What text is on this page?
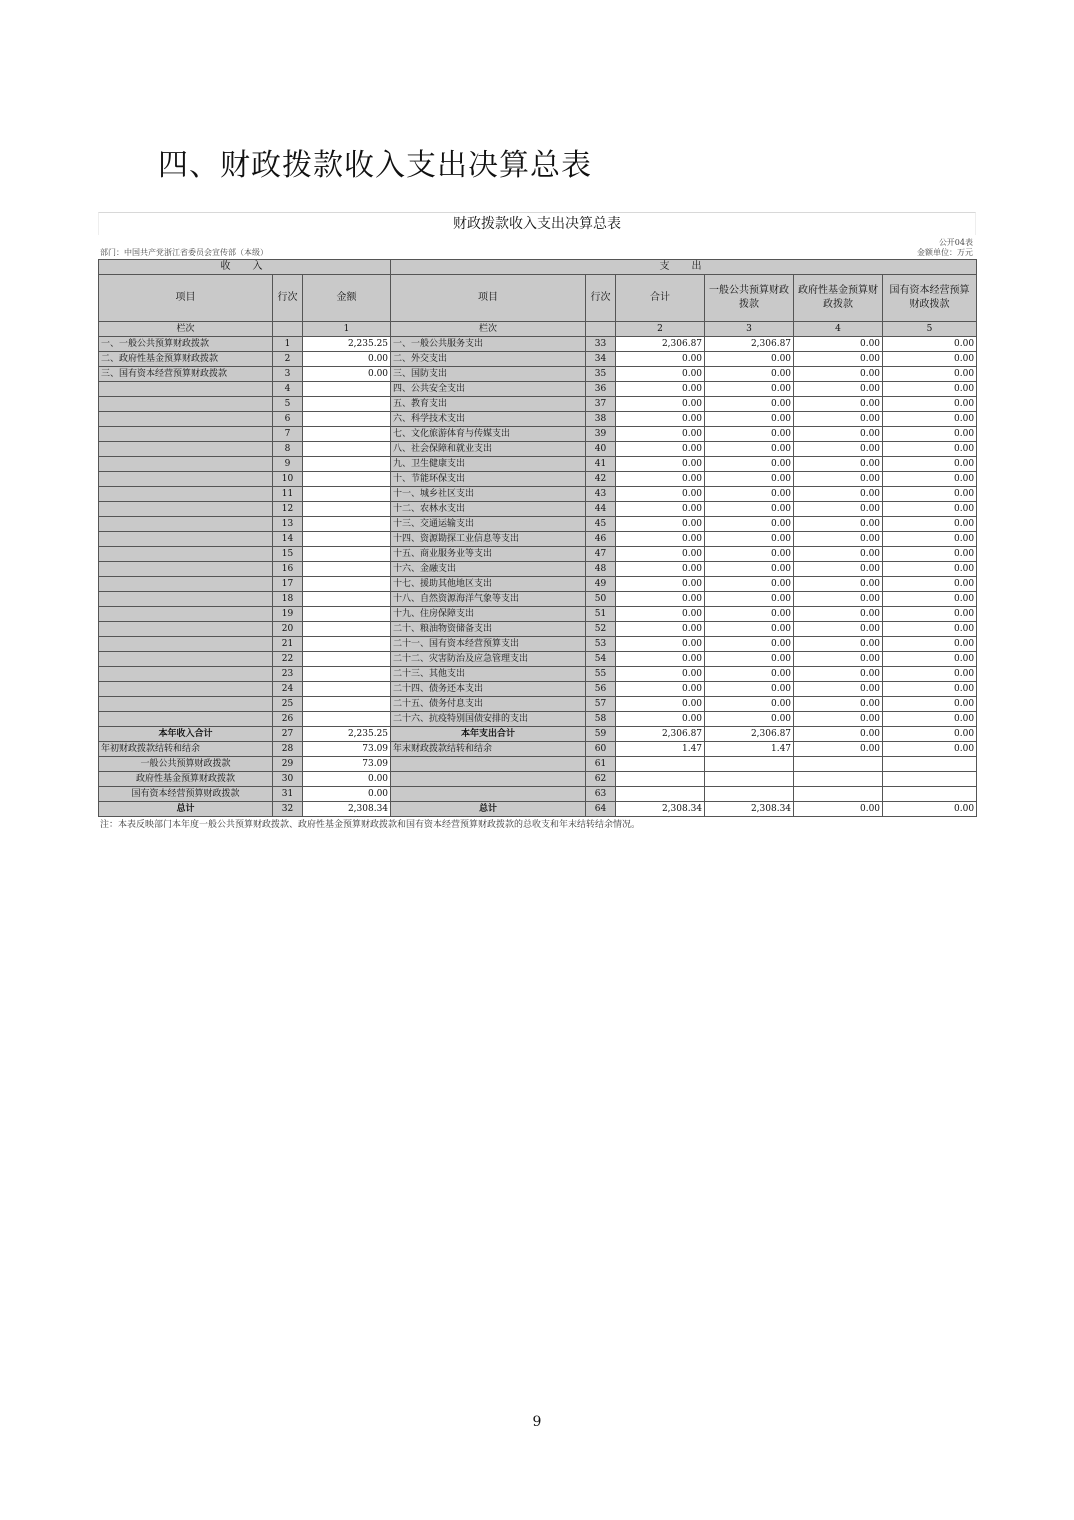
四、财政拨款收入支出决算总表
财政拨款收入支出决算总表
公开04表
部门：中国共产党浙江省委员会宣传部（本级）	金额单位：万元
收　入			支　出					
项目	行次	金额	项目	行次	合计	一般公共预算财政拨款	政府性基金预算财政拨款	国有资本经营预算财政拨款
栏次		1	栏次		2	3	4	5
一、一般公共预算财政拨款	1	2,235.25	一、一般公共服务支出	33	2,306.87	2,306.87	0.00	0.00
二、政府性基金预算财政拨款	2	0.00	二、外交支出	34	0.00	0.00	0.00	0.00
三、国有资本经营预算财政拨款	3	0.00	三、国防支出	35	0.00	0.00	0.00	0.00
	4		四、公共安全支出	36	0.00	0.00	0.00	0.00
	5		五、教育支出	37	0.00	0.00	0.00	0.00
	6		六、科学技术支出	38	0.00	0.00	0.00	0.00
	7		七、文化旅游体育与传媒支出	39	0.00	0.00	0.00	0.00
	8		八、社会保障和就业支出	40	0.00	0.00	0.00	0.00
	9		九、卫生健康支出	41	0.00	0.00	0.00	0.00
	10		十、节能环保支出	42	0.00	0.00	0.00	0.00
	11		十一、城乡社区支出	43	0.00	0.00	0.00	0.00
	12		十二、农林水支出	44	0.00	0.00	0.00	0.00
	13		十三、交通运输支出	45	0.00	0.00	0.00	0.00
	14		十四、资源勘探工业信息等支出	46	0.00	0.00	0.00	0.00
	15		十五、商业服务业等支出	47	0.00	0.00	0.00	0.00
	16		十六、金融支出	48	0.00	0.00	0.00	0.00
	17		十七、援助其他地区支出	49	0.00	0.00	0.00	0.00
	18		十八、自然资源海洋气象等支出	50	0.00	0.00	0.00	0.00
	19		十九、住房保障支出	51	0.00	0.00	0.00	0.00
	20		二十、粮油物资储备支出	52	0.00	0.00	0.00	0.00
	21		二十一、国有资本经营预算支出	53	0.00	0.00	0.00	0.00
	22		二十二、灾害防治及应急管理支出	54	0.00	0.00	0.00	0.00
	23		二十三、其他支出	55	0.00	0.00	0.00	0.00
	24		二十四、债务还本支出	56	0.00	0.00	0.00	0.00
	25		二十五、债务付息支出	57	0.00	0.00	0.00	0.00
	26		二十六、抗疫特别国债安排的支出	58	0.00	0.00	0.00	0.00
本年收入合计	27	2,235.25	本年支出合计	59	2,306.87	2,306.87	0.00	0.00
年初财政拨款结转和结余	28	73.09	年末财政拨款结转和结余	60	1.47	1.47	0.00	0.00
一般公共预算财政拨款	29	73.09		61				
政府性基金预算财政拨款	30	0.00		62				
国有资本经营预算财政拨款	31	0.00		63				
总计	32	2,308.34	总计	64	2,308.34	2,308.34	0.00	0.00
注：本表反映部门本年度一般公共预算财政拨款、政府性基金预算财政拨款和国有资本经营预算财政拨款的总收支和年末结转结余情况。
9
